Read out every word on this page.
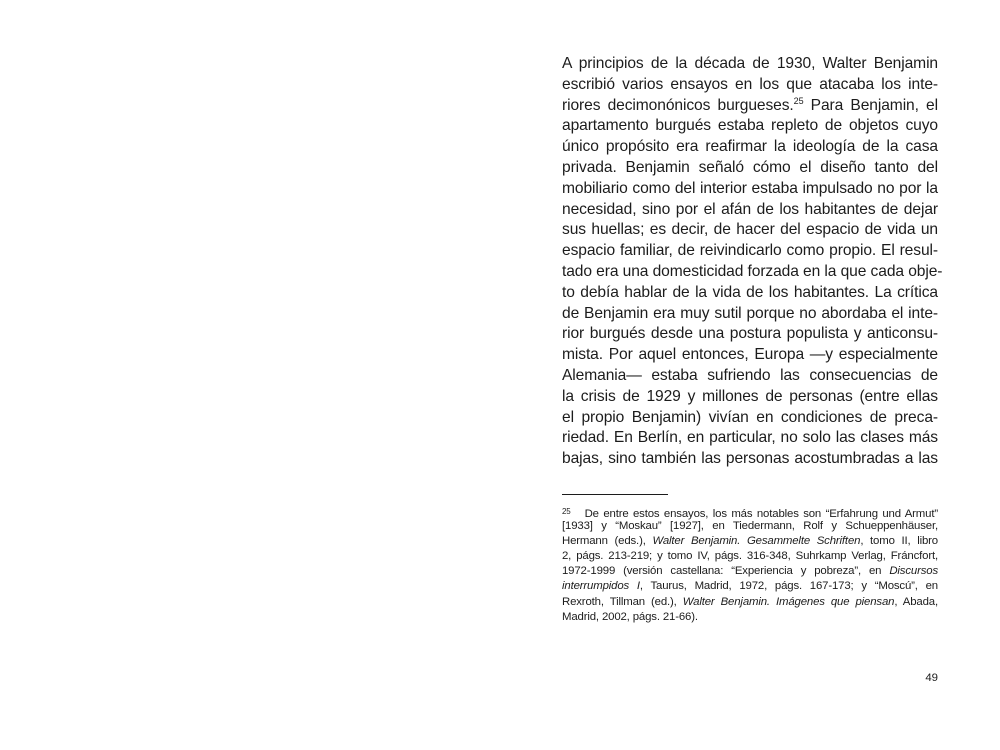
A principios de la década de 1930, Walter Benjamin
escribió varios ensayos en los que atacaba los inte-
riores decimonónicos burgueses.$^{25}$ Para Benjamin, el
apartamento burgués estaba repleto de objetos cuyo
único propósito era reafirmar la ideología de la casa
privada. Benjamin señaló cómo el diseño tanto del
mobiliario como del interior estaba impulsado no por la
necesidad, sino por el afán de los habitantes de dejar
sus huellas; es decir, de hacer del espacio de vida un
espacio familiar, de reivindicarlo como propio. El resul-
tado era una domesticidad forzada en la que cada obje-
to debía hablar de la vida de los habitantes. La crítica
de Benjamin era muy sutil porque no abordaba el inte-
rior burgués desde una postura populista y anticonsu-
mista. Por aquel entonces, Europa —y especialmente
Alemania— estaba sufriendo las consecuencias de
la crisis de 1929 y millones de personas (entre ellas
el propio Benjamin) vivían en condiciones de preca-
riedad. En Berlín, en particular, no solo las clases más
bajas, sino también las personas acostumbradas a las
$^{25}$ De entre estos ensayos, los más notables son “Erfahrung und Armut”
[1933] y “Moskau” [1927], en Tiedermann, Rolf y Schueppenhäuser,
Hermann (eds.), Walter Benjamin. Gesammelte Schriften, tomo II, libro
2, págs. 213-219; y tomo IV, págs. 316-348, Suhrkamp Verlag, Fráncfort,
1972-1999 (versión castellana: “Experiencia y pobreza”, en Discursos
interrumpidos I, Taurus, Madrid, 1972, págs. 167-173; y “Moscú”, en
Rexroth, Tillman (ed.), Walter Benjamin. Imágenes que piensan, Abada,
Madrid, 2002, págs. 21-66).
49
